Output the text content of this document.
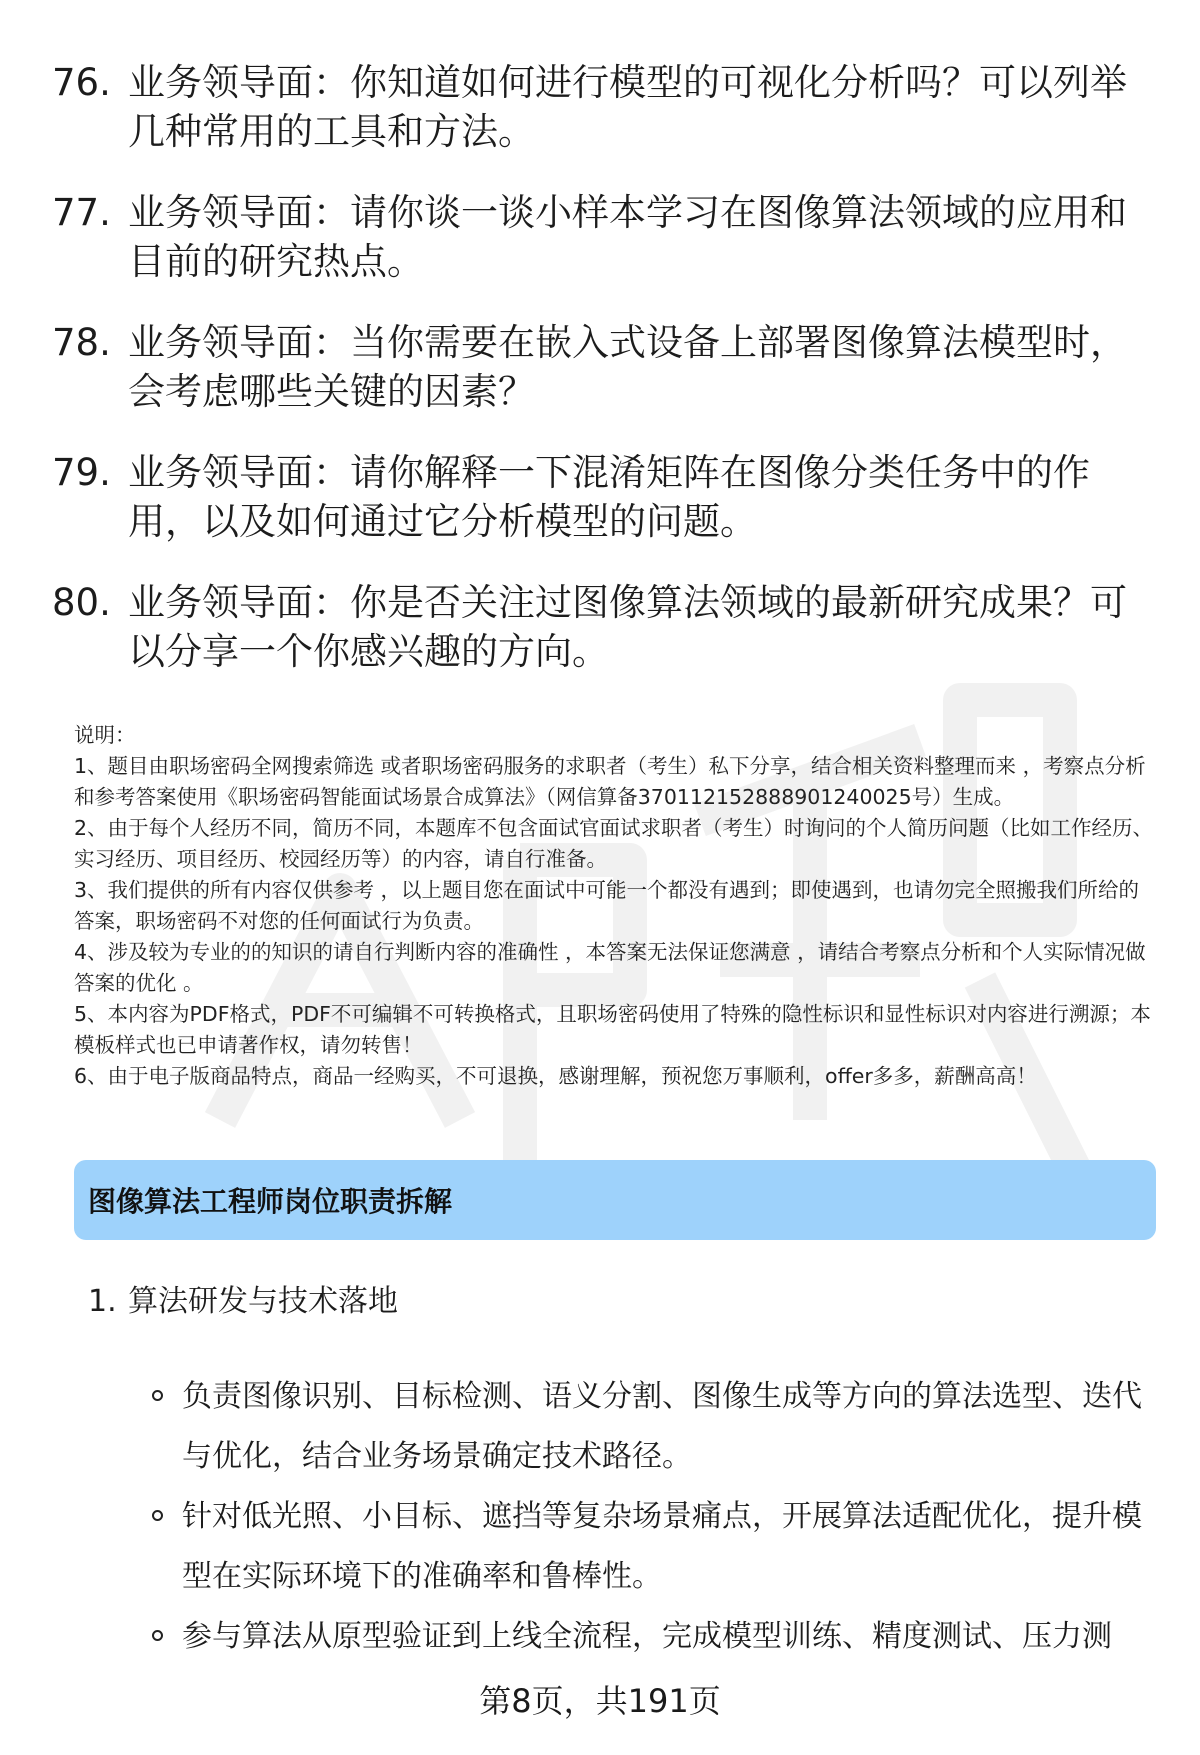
76. 业务领导面：你知道如何进行模型的可视化分析吗？可以列举几种常用的工具和方法。
77. 业务领导面：请你谈一谈小样本学习在图像算法领域的应用和目前的研究热点。
78. 业务领导面：当你需要在嵌入式设备上部署图像算法模型时，会考虑哪些关键的因素？
79. 业务领导面：请你解释一下混淆矩阵在图像分类任务中的作用，以及如何通过它分析模型的问题。
80. 业务领导面：你是否关注过图像算法领域的最新研究成果？可以分享一个你感兴趣的方向。

说明：

1、题目由职场密码全网搜索筛选 或者职场密码服务的求职者（考生）私下分享，结合相关资料整理而来 ，考察点分析和参考答案使用《职场密码智能面试场景合成算法》（网信算备370112152888901240025号）生成。

2、由于每个人经历不同，简历不同，本题库不包含面试官面试求职者（考生）时询问的个人简历问题（比如工作经历、实习经历、项目经历、校园经历等）的内容，请自行准备。

3、我们提供的所有内容仅供参考 ，以上题目您在面试中可能一个都没有遇到；即使遇到，也请勿完全照搬我们所给的答案，职场密码不对您的任何面试行为负责。

4、涉及较为专业的的知识的请自行判断内容的准确性 ，本答案无法保证您满意 ，请结合考察点分析和个人实际情况做答案的优化 。

5、本内容为PDF格式，PDF不可编辑不可转换格式，且职场密码使用了特殊的隐性标识和显性标识对内容进行溯源；本模板样式也已申请著作权，请勿转售！

6、由于电子版商品特点，商品一经购买，不可退换，感谢理解，预祝您万事顺利，offer多多，薪酬高高！

图像算法工程师岗位职责拆解
1. 算法研发与技术落地
负责图像识别、目标检测、语义分割、图像生成等方向的算法选型、迭代与优化，结合业务场景确定技术路径。
针对低光照、小目标、遮挡等复杂场景痛点，开展算法适配优化，提升模型在实际环境下的准确率和鲁棒性。
参与算法从原型验证到上线全流程，完成模型训练、精度测试、压力测
第8页，共191页
